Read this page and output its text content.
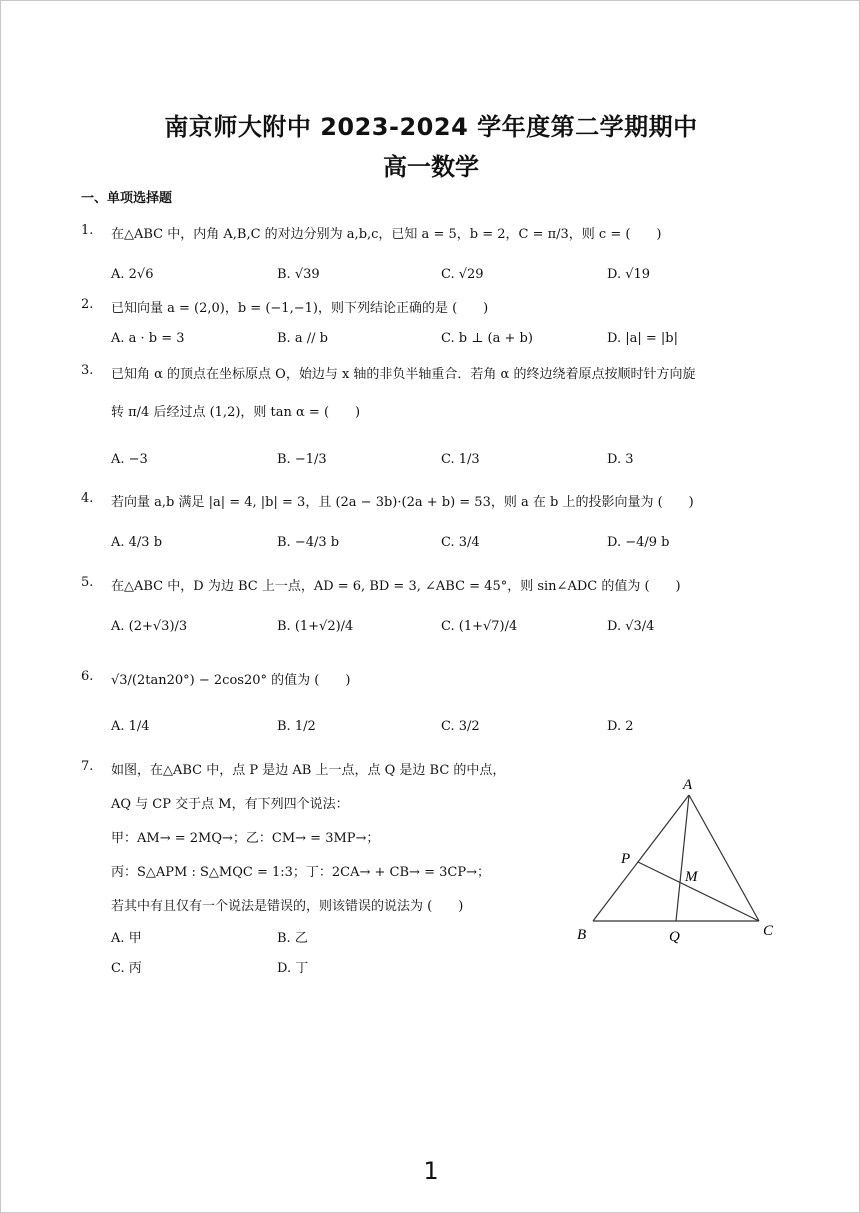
南京师大附中 2023-2024 学年度第二学期期中
高一数学
一、单项选择题
1. 在△ABC 中，内角 A,B,C 的对边分别为 a,b,c，已知 a = 5，b = 2，C = π/3，则 c = (　　)
A. 2√6	B. √39	C. √29	D. √19
2. 已知向量 a = (2,0)，b = (−1,−1)，则下列结论正确的是 (　　)
A. a · b = 3	B. a // b	C. b ⊥ (a + b)	D. |a| = |b|
3. 已知角 α 的顶点在坐标原点 O，始边与 x 轴的非负半轴重合．若角 α 的终边绕着原点按顺时针方向旋
转 π/4 后经过点 (1,2)，则 tan α = (　　)
A. −3	B. −1/3	C. 1/3	D. 3
4. 若向量 a,b 满足 |a| = 4, |b| = 3，且 (2a − 3b)·(2a + b) = 53，则 a 在 b 上的投影向量为 (　　)
A. 4/3 b	B. −4/3 b	C. 3/4	D. −4/9 b
5. 在△ABC 中，D 为边 BC 上一点，AD = 6, BD = 3, ∠ABC = 45°，则 sin∠ADC 的值为 (　　)
A. (2+√3)/3	B. (1+√2)/4	C. (1+√7)/4	D. √3/4
6. √3/(2tan20°) − 2cos20° 的值为 (　　)
A. 1/4	B. 1/2	C. 3/2	D. 2
7. 如图，在△ABC 中，点 P 是边 AB 上一点，点 Q 是边 BC 的中点，
AQ 与 CP 交于点 M，有下列四个说法：
甲：AM→ = 2MQ→；乙：CM→ = 3MP→；
丙：S△APM : S△MQC = 1:3；丁：2CA→ + CB→ = 3CP→；
若其中有且仅有一个说法是错误的，则该错误的说法为 (　　)
A. 甲	B. 乙
C. 丙	D. 丁
A
B	C
P
Q
M
1
